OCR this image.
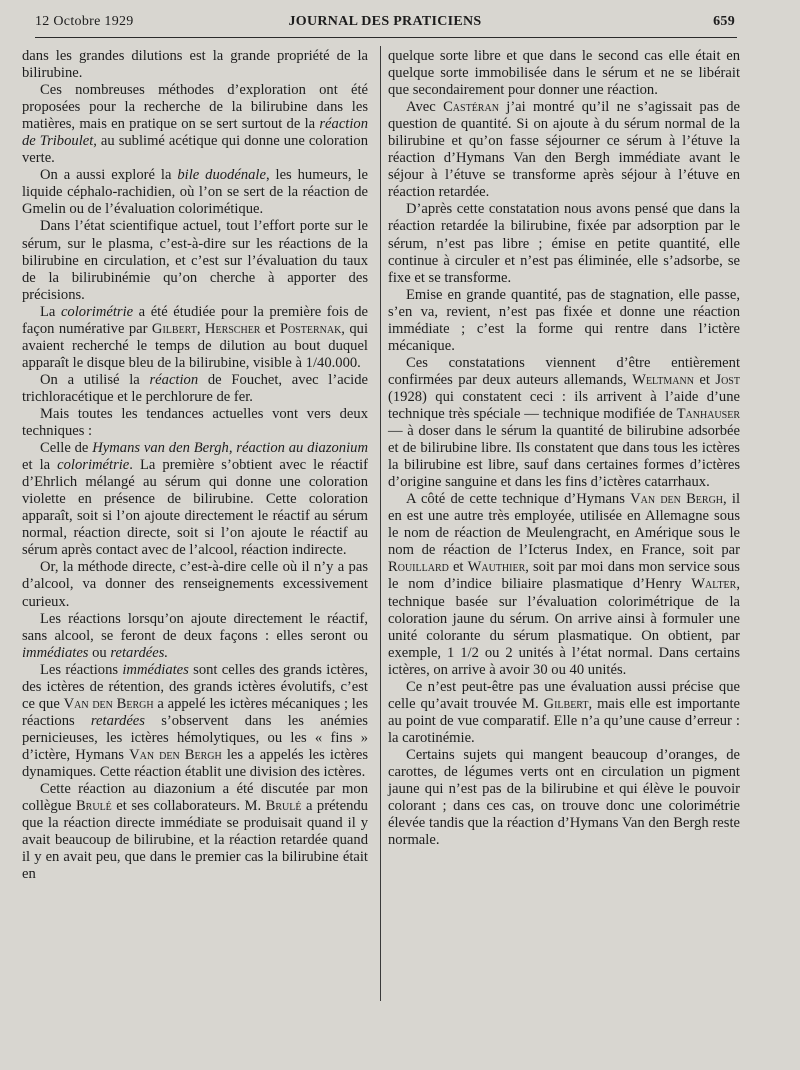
12 Octobre 1929	JOURNAL DES PRATICIENS	659

dans les grandes dilutions est la grande propriété de la bilirubine.

Ces nombreuses méthodes d’exploration ont été proposées pour la recherche de la bilirubine dans les matières, mais en pratique on se sert surtout de la réaction de Triboulet, au sublimé acétique qui donne une coloration verte.

On a aussi exploré la bile duodénale, les humeurs, le liquide céphalo-rachidien, où l’on se sert de la réaction de Gmelin ou de l’évaluation colorimétique.

Dans l’état scientifique actuel, tout l’effort porte sur le sérum, sur le plasma, c’est-à-dire sur les réactions de la bilirubine en circulation, et c’est sur l’évaluation du taux de la bilirubinémie qu’on cherche à apporter des précisions.

La colorimétrie a été étudiée pour la première fois de façon numérative par Gilbert, Herscher et Posternak, qui avaient recherché le temps de dilution au bout duquel apparaît le disque bleu de la bilirubine, visible à 1/40.000.

On a utilisé la réaction de Fouchet, avec l’acide trichloracétique et le perchlorure de fer.

Mais toutes les tendances actuelles vont vers deux techniques :

Celle de Hymans van den Bergh, réaction au diazonium et la colorimétrie. La première s’obtient avec le réactif d’Ehrlich mélangé au sérum qui donne une coloration violette en présence de bilirubine. Cette coloration apparaît, soit si l’on ajoute directement le réactif au sérum normal, réaction directe, soit si l’on ajoute le réactif au sérum après contact avec de l’alcool, réaction indirecte.

Or, la méthode directe, c’est-à-dire celle où il n’y a pas d’alcool, va donner des renseignements excessivement curieux.

Les réactions lorsqu’on ajoute directement le réactif, sans alcool, se feront de deux façons : elles seront ou immédiates ou retardées.

Les réactions immédiates sont celles des grands ictères, des ictères de rétention, des grands ictères évolutifs, c’est ce que Van den Bergh a appelé les ictères mécaniques ; les réactions retardées s’observent dans les anémies pernicieuses, les ictères hémolytiques, ou les « fins » d’ictère, Hymans Van den Bergh les a appelés les ictères dynamiques. Cette réaction établit une division des ictères.

Cette réaction au diazonium a été discutée par mon collègue Brulé et ses collaborateurs. M. Brulé a prétendu que la réaction directe immédiate se produisait quand il y avait beaucoup de bilirubine, et la réaction retardée quand il y en avait peu, que dans le premier cas la bilirubine était en

quelque sorte libre et que dans le second cas elle était en quelque sorte immobilisée dans le sérum et ne se libérait que secondairement pour donner une réaction.

Avec Castéran j’ai montré qu’il ne s’agissait pas de question de quantité. Si on ajoute à du sérum normal de la bilirubine et qu’on fasse séjourner ce sérum à l’étuve la réaction d’Hymans Van den Bergh immédiate avant le séjour à l’étuve se transforme après séjour à l’étuve en réaction retardée.

D’après cette constatation nous avons pensé que dans la réaction retardée la bilirubine, fixée par adsorption par le sérum, n’est pas libre ; émise en petite quantité, elle continue à circuler et n’est pas éliminée, elle s’adsorbe, se fixe et se transforme.

Emise en grande quantité, pas de stagnation, elle passe, s’en va, revient, n’est pas fixée et donne une réaction immédiate ; c’est la forme qui rentre dans l’ictère mécanique.

Ces constatations viennent d’être entièrement confirmées par deux auteurs allemands, Weltmann et Jost (1928) qui constatent ceci : ils arrivent à l’aide d’une technique très spéciale — technique modifiée de Tanhauser — à doser dans le sérum la quantité de bilirubine adsorbée et de bilirubine libre. Ils constatent que dans tous les ictères la bilirubine est libre, sauf dans certaines formes d’ictères d’origine sanguine et dans les fins d’ictères catarrhaux.

A côté de cette technique d’Hymans Van den Bergh, il en est une autre très employée, utilisée en Allemagne sous le nom de réaction de Meulengracht, en Amérique sous le nom de réaction de l’Icterus Index, en France, soit par Rouillard et Wauthier, soit par moi dans mon service sous le nom d’indice biliaire plasmatique d’Henry Walter, technique basée sur l’évaluation colorimétrique de la coloration jaune du sérum. On arrive ainsi à formuler une unité colorante du sérum plasmatique. On obtient, par exemple, 1 1/2 ou 2 unités à l’état normal. Dans certains ictères, on arrive à avoir 30 ou 40 unités.

Ce n’est peut-être pas une évaluation aussi précise que celle qu’avait trouvée M. Gilbert, mais elle est importante au point de vue comparatif. Elle n’a qu’une cause d’erreur : la carotinémie.

Certains sujets qui mangent beaucoup d’oranges, de carottes, de légumes verts ont en circulation un pigment jaune qui n’est pas de la bilirubine et qui élève le pouvoir colorant ; dans ces cas, on trouve donc une colorimétrie élevée tandis que la réaction d’Hymans Van den Bergh reste normale.
